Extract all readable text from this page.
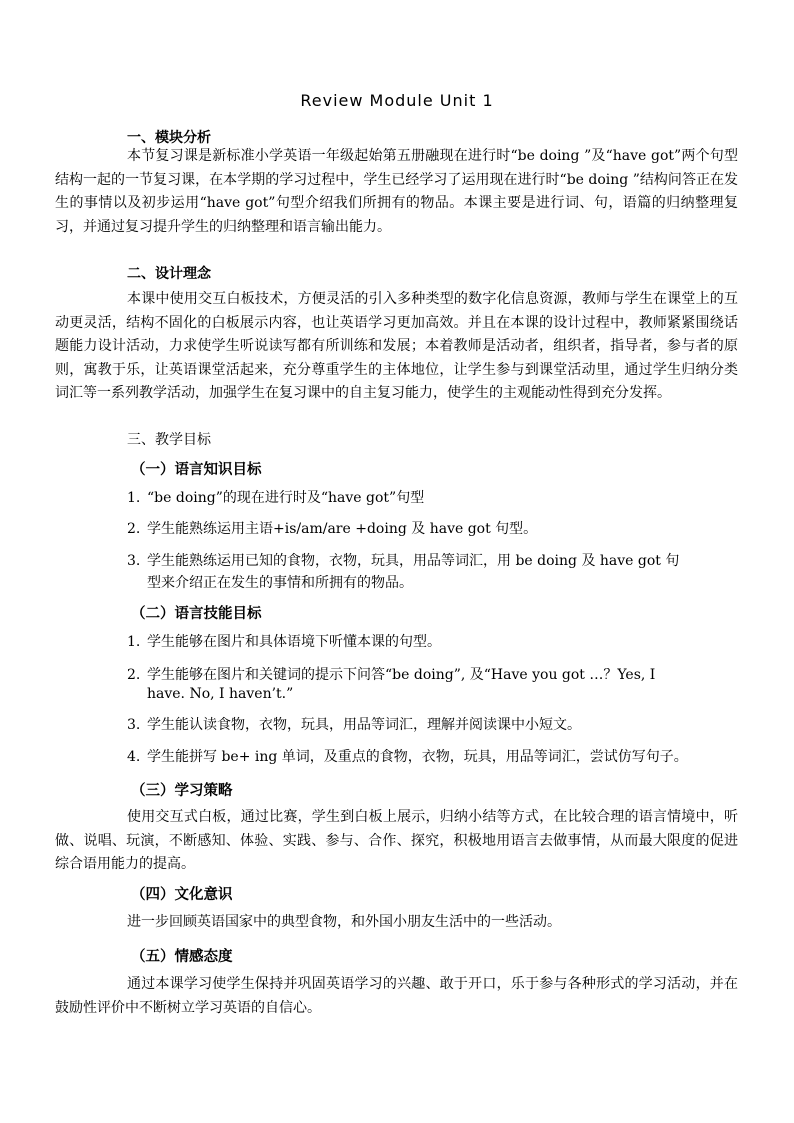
Review Module Unit 1
一、模块分析

本节复习课是新标准小学英语一年级起始第五册融现在进行时“be doing ”及“have got”两个句型结构一起的一节复习课，在本学期的学习过程中，学生已经学习了运用现在进行时“be doing ”结构问答正在发生的事情以及初步运用“have got”句型介绍我们所拥有的物品。本课主要是进行词、句，语篇的归纳整理复习，并通过复习提升学生的归纳整理和语言输出能力。

二、设计理念

本课中使用交互白板技术，方便灵活的引入多种类型的数字化信息资源，教师与学生在课堂上的互动更灵活，结构不固化的白板展示内容，也让英语学习更加高效。并且在本课的设计过程中，教师紧紧围绕话题能力设计活动，力求使学生听说读写都有所训练和发展；本着教师是活动者，组织者，指导者，参与者的原则，寓教于乐，让英语课堂活起来，充分尊重学生的主体地位，让学生参与到课堂活动里，通过学生归纳分类词汇等一系列教学活动，加强学生在复习课中的自主复习能力，使学生的主观能动性得到充分发挥。

三、教学目标
（一）语言知识目标
1. “be doing”的现在进行时及“have got”句型
2. 学生能熟练运用主语+is/am/are +doing 及 have got 句型。
3. 学生能熟练运用已知的食物，衣物，玩具，用品等词汇，用 be doing 及 have got 句
型来介绍正在发生的事情和所拥有的物品。
（二）语言技能目标
1. 学生能够在图片和具体语境下听懂本课的句型。
2. 学生能够在图片和关键词的提示下问答“be doing”, 及“Have you got …？Yes, I
have. No, I haven’t.”
3. 学生能认读食物，衣物，玩具，用品等词汇，理解并阅读课中小短文。
4. 学生能拼写 be+ ing 单词，及重点的食物，衣物，玩具，用品等词汇，尝试仿写句子。
（三）学习策略

使用交互式白板，通过比赛，学生到白板上展示，归纳小结等方式，在比较合理的语言情境中，听做、说唱、玩演，不断感知、体验、实践、参与、合作、探究，积极地用语言去做事情，从而最大限度的促进综合语用能力的提高。

（四）文化意识

进一步回顾英语国家中的典型食物，和外国小朋友生活中的一些活动。

（五）情感态度

通过本课学习使学生保持并巩固英语学习的兴趣、敢于开口，乐于参与各种形式的学习活动，并在鼓励性评价中不断树立学习英语的自信心。
